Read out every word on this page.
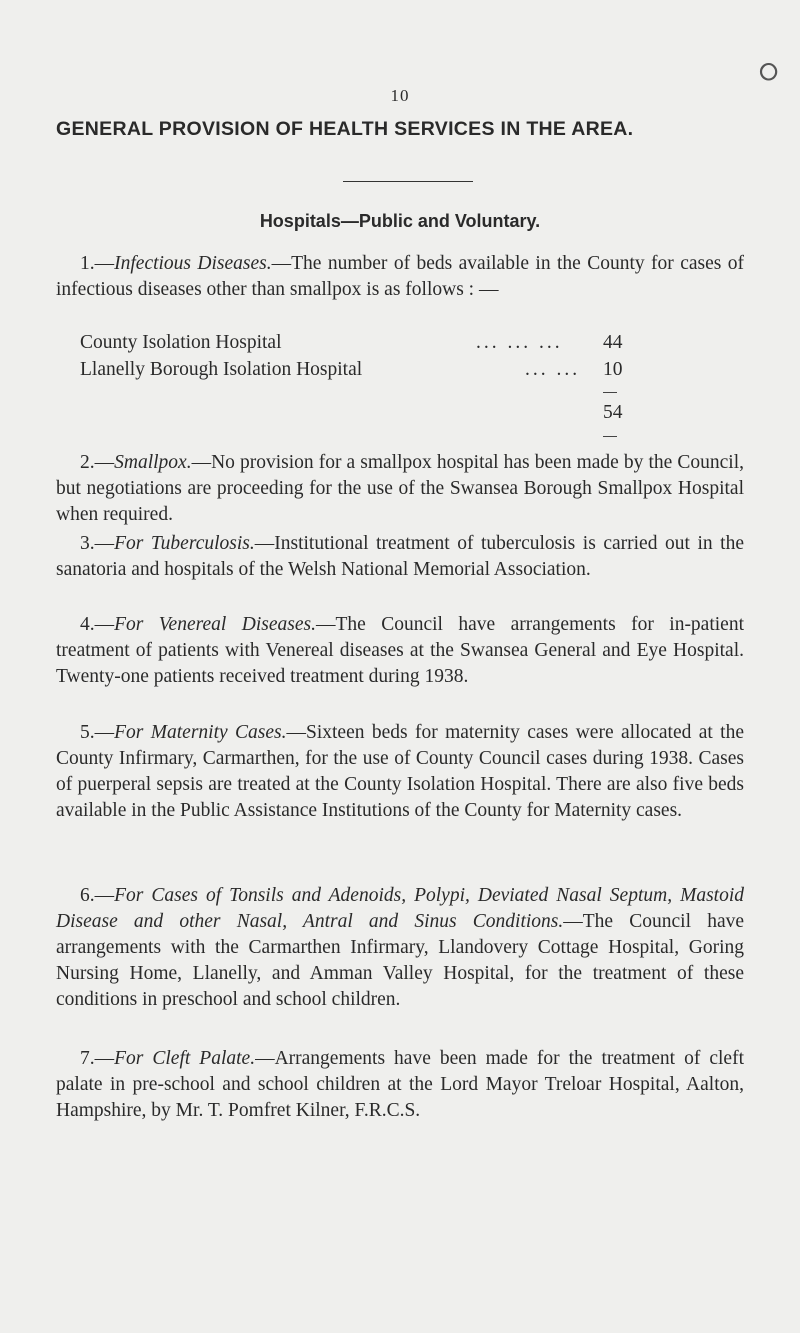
⭘
10
GENERAL PROVISION OF HEALTH SERVICES IN THE AREA.
Hospitals—Public and Voluntary.

1.—Infectious Diseases.—The number of beds available in the County for cases of infectious diseases other than smallpox is as follows : —

County Isolation Hospital	... ... ... 44
Llanelly Borough Isolation Hospital	... ... 10
54

2.—Smallpox.—No provision for a smallpox hospital has been made by the Council, but negotiations are proceeding for the use of the Swansea Borough Smallpox Hospital when required.

3.—For Tuberculosis.—Institutional treatment of tuberculosis is carried out in the sanatoria and hospitals of the Welsh National Memorial Association.

4.—For Venereal Diseases.—The Council have arrangements for in-patient treatment of patients with Venereal diseases at the Swansea General and Eye Hospital. Twenty-one patients received treatment during 1938.

5.—For Maternity Cases.—Sixteen beds for maternity cases were allocated at the County Infirmary, Carmarthen, for the use of County Council cases during 1938. Cases of puerperal sepsis are treated at the County Isolation Hospital. There are also five beds available in the Public Assistance Institutions of the County for Maternity cases.

6.—For Cases of Tonsils and Adenoids, Polypi, Deviated Nasal Septum, Mastoid Disease and other Nasal, Antral and Sinus Conditions.—The Council have arrangements with the Carmarthen Infirmary, Llandovery Cottage Hospital, Goring Nursing Home, Llanelly, and Amman Valley Hospital, for the treatment of these conditions in preschool and school children.

7.—For Cleft Palate.—Arrangements have been made for the treatment of cleft palate in pre-school and school children at the Lord Mayor Treloar Hospital, Aalton, Hampshire, by Mr. T. Pomfret Kilner, F.R.C.S.
